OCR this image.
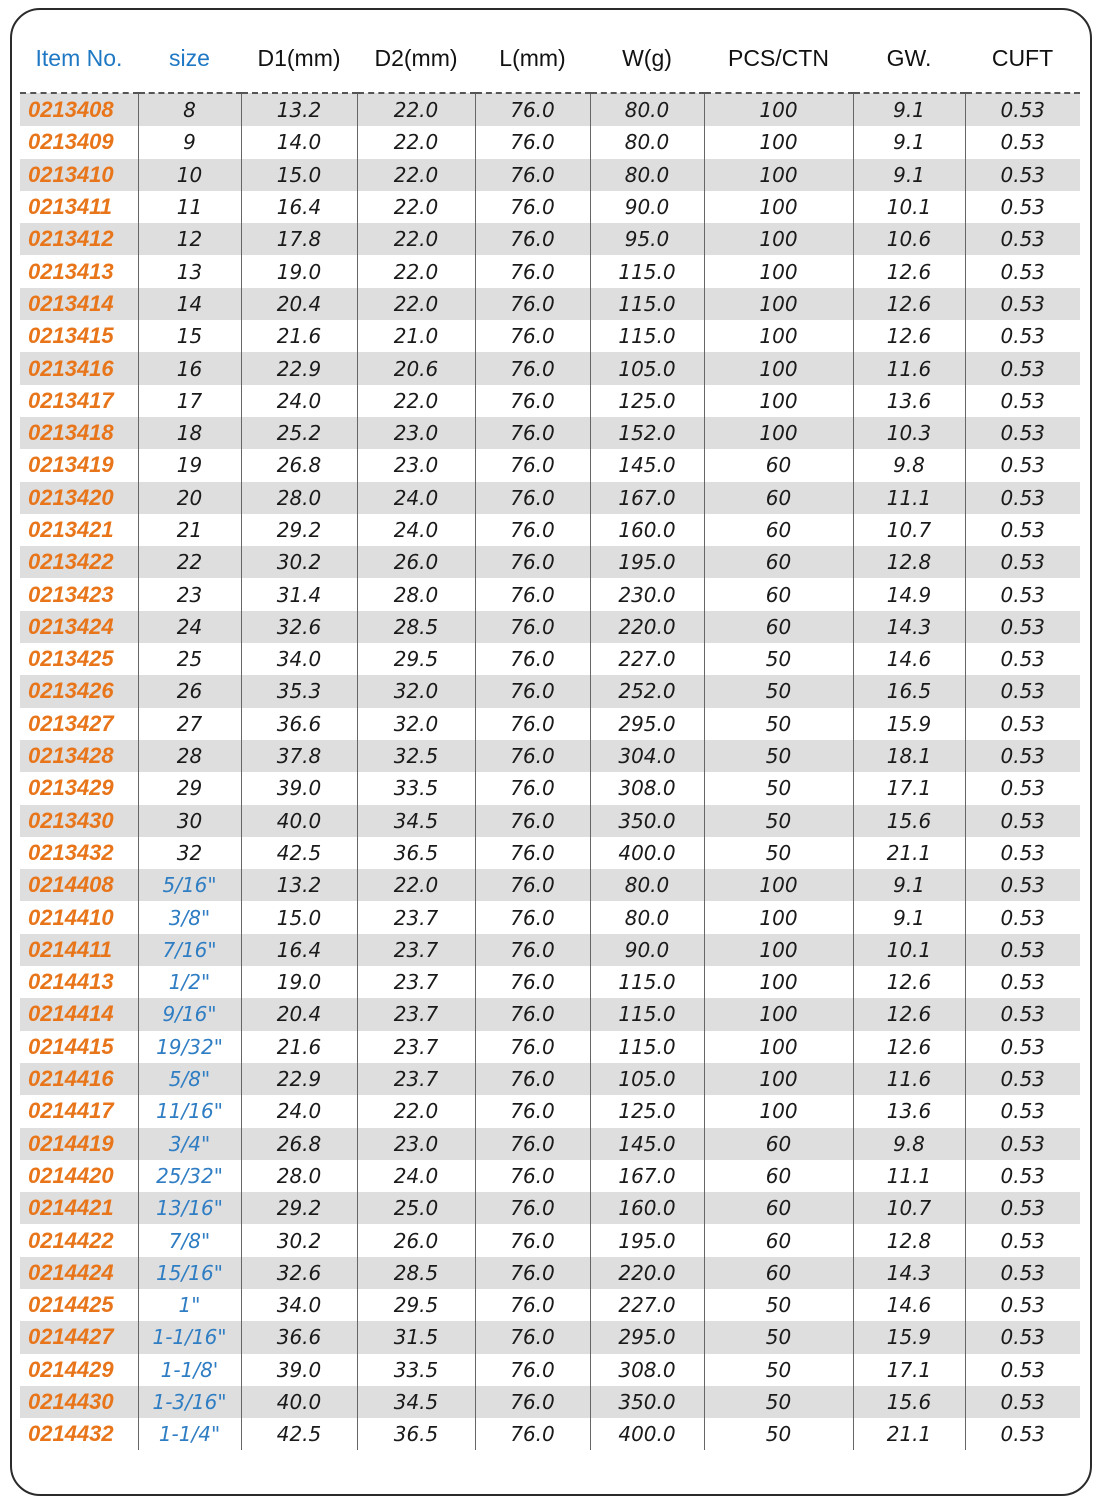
Item No.	size	D1(mm)	D2(mm)	L(mm)	W(g)	PCS/CTN	GW.	CUFT
0213408	8	13.2	22.0	76.0	80.0	100	9.1	0.53
0213409	9	14.0	22.0	76.0	80.0	100	9.1	0.53
0213410	10	15.0	22.0	76.0	80.0	100	9.1	0.53
0213411	11	16.4	22.0	76.0	90.0	100	10.1	0.53
0213412	12	17.8	22.0	76.0	95.0	100	10.6	0.53
0213413	13	19.0	22.0	76.0	115.0	100	12.6	0.53
0213414	14	20.4	22.0	76.0	115.0	100	12.6	0.53
0213415	15	21.6	21.0	76.0	115.0	100	12.6	0.53
0213416	16	22.9	20.6	76.0	105.0	100	11.6	0.53
0213417	17	24.0	22.0	76.0	125.0	100	13.6	0.53
0213418	18	25.2	23.0	76.0	152.0	100	10.3	0.53
0213419	19	26.8	23.0	76.0	145.0	60	9.8	0.53
0213420	20	28.0	24.0	76.0	167.0	60	11.1	0.53
0213421	21	29.2	24.0	76.0	160.0	60	10.7	0.53
0213422	22	30.2	26.0	76.0	195.0	60	12.8	0.53
0213423	23	31.4	28.0	76.0	230.0	60	14.9	0.53
0213424	24	32.6	28.5	76.0	220.0	60	14.3	0.53
0213425	25	34.0	29.5	76.0	227.0	50	14.6	0.53
0213426	26	35.3	32.0	76.0	252.0	50	16.5	0.53
0213427	27	36.6	32.0	76.0	295.0	50	15.9	0.53
0213428	28	37.8	32.5	76.0	304.0	50	18.1	0.53
0213429	29	39.0	33.5	76.0	308.0	50	17.1	0.53
0213430	30	40.0	34.5	76.0	350.0	50	15.6	0.53
0213432	32	42.5	36.5	76.0	400.0	50	21.1	0.53
0214408	5/16"	13.2	22.0	76.0	80.0	100	9.1	0.53
0214410	3/8"	15.0	23.7	76.0	80.0	100	9.1	0.53
0214411	7/16"	16.4	23.7	76.0	90.0	100	10.1	0.53
0214413	1/2"	19.0	23.7	76.0	115.0	100	12.6	0.53
0214414	9/16"	20.4	23.7	76.0	115.0	100	12.6	0.53
0214415	19/32"	21.6	23.7	76.0	115.0	100	12.6	0.53
0214416	5/8"	22.9	23.7	76.0	105.0	100	11.6	0.53
0214417	11/16"	24.0	22.0	76.0	125.0	100	13.6	0.53
0214419	3/4"	26.8	23.0	76.0	145.0	60	9.8	0.53
0214420	25/32"	28.0	24.0	76.0	167.0	60	11.1	0.53
0214421	13/16"	29.2	25.0	76.0	160.0	60	10.7	0.53
0214422	7/8"	30.2	26.0	76.0	195.0	60	12.8	0.53
0214424	15/16"	32.6	28.5	76.0	220.0	60	14.3	0.53
0214425	1"	34.0	29.5	76.0	227.0	50	14.6	0.53
0214427	1-1/16"	36.6	31.5	76.0	295.0	50	15.9	0.53
0214429	1-1/8'	39.0	33.5	76.0	308.0	50	17.1	0.53
0214430	1-3/16"	40.0	34.5	76.0	350.0	50	15.6	0.53
0214432	1-1/4"	42.5	36.5	76.0	400.0	50	21.1	0.53
